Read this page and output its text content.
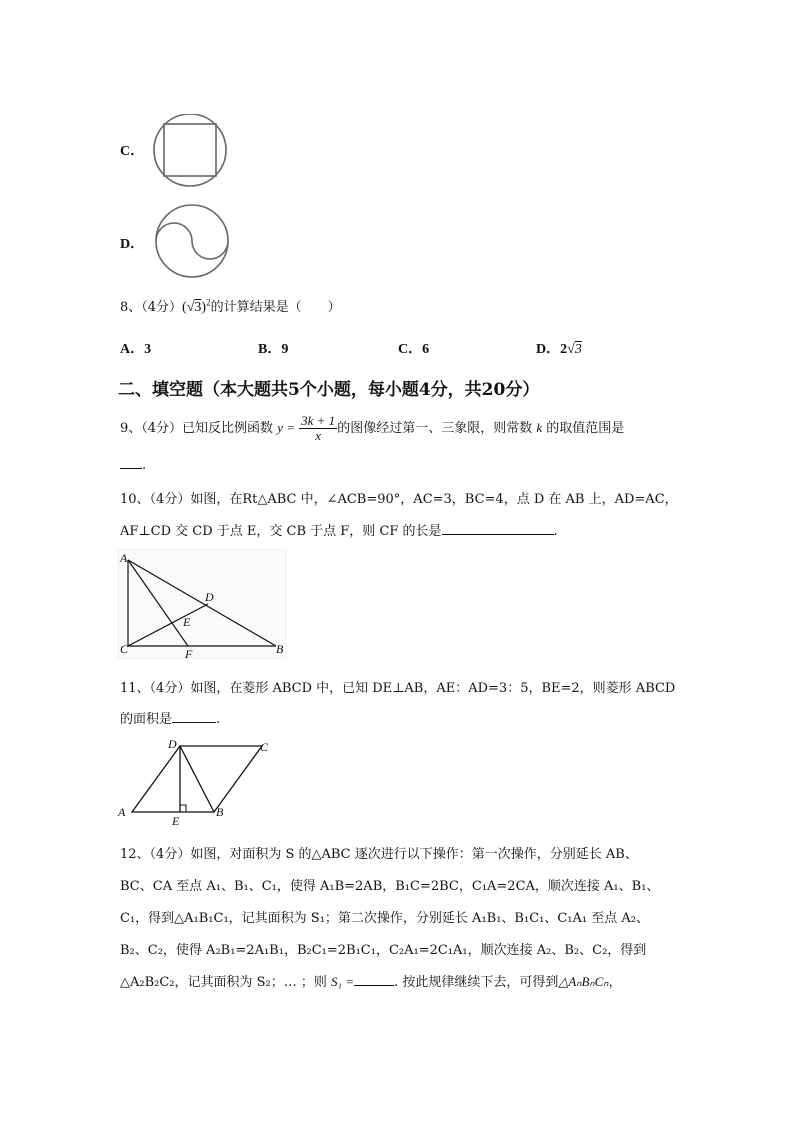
C．
D．
8、（4分）$(√3)^2$的计算结果是（　　）
A．3	B．9	C．6	D．2√3
二、填空题（本大题共5个小题，每小题4分，共20分）
9、（4分）已知反比例函数 $y = \frac{3k + 1}{x}$ 的图像经过第一、三象限，则常数 k 的取值范围是
.
10、（4分）如图，在Rt△ABC 中，∠ACB=90°，AC=3，BC=4，点 D 在 AB 上，AD=AC，
AF⊥CD 交 CD 于点 E，交 CB 于点 F，则 CF 的长是	.
A
C	B
D
E
F
11、（4分）如图，在菱形 ABCD 中，已知 DE⊥AB，AE：AD=3：5，BE=2，则菱形 ABCD
的面积是	.
A	B
C
D
E
12、（4分）如图，对面积为 S 的△ABC 逐次进行以下操作：第一次操作，分别延长 AB、
BC、CA 至点 A₁、B₁、C₁，使得 A₁B=2AB，B₁C=2BC，C₁A=2CA，顺次连接 A₁、B₁、
C₁，得到△A₁B₁C₁，记其面积为 S₁；第二次操作，分别延长 A₁B₁、B₁C₁、C₁A₁ 至点 A₂、
B₂、C₂，使得 A₂B₁=2A₁B₁，B₂C₁=2B₁C₁，C₂A₁=2C₁A₁，顺次连接 A₂、B₂、C₂，得到
△A₂B₂C₂，记其面积为 S₂；… ；则 S₁ =	. 按此规律继续下去，可得到△AₙBₙCₙ，
